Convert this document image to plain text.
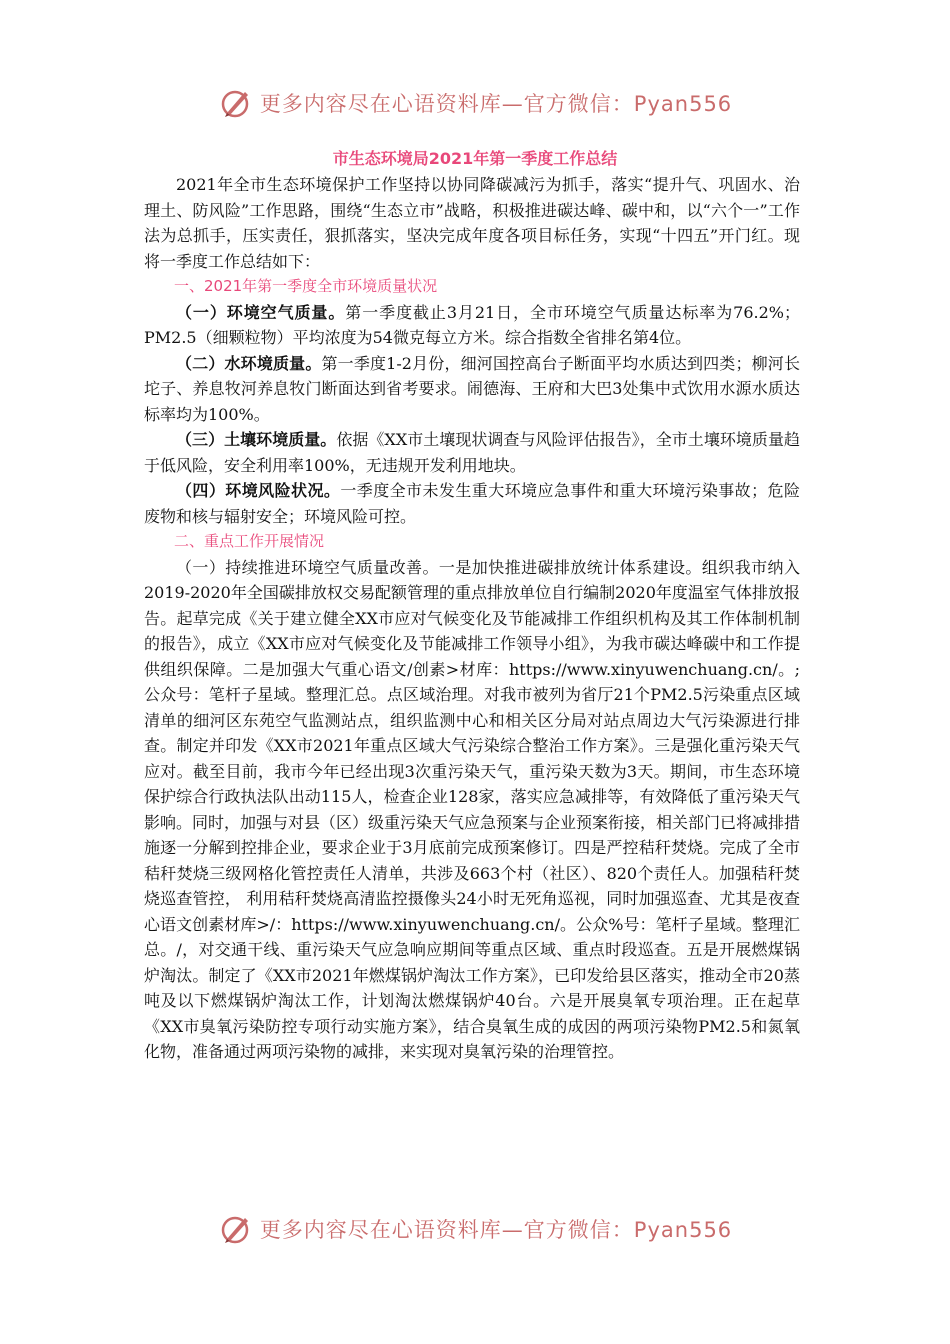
更多内容尽在心语资料库—官方微信：Pyan556
市生态环境局2021年第一季度工作总结

2021年全市生态环境保护工作坚持以协同降碳减污为抓手，落实“提升气、巩固水、治理土、防风险”工作思路，围绕“生态立市”战略，积极推进碳达峰、碳中和，以“六个一”工作法为总抓手，压实责任，狠抓落实，坚决完成年度各项目标任务，实现“十四五”开门红。现将一季度工作总结如下：

一、2021年第一季度全市环境质量状况

（一）环境空气质量。第一季度截止3月21日，全市环境空气质量达标率为76.2%；PM2.5（细颗粒物）平均浓度为54微克每立方米。综合指数全省排名第4位。

（二）水环境质量。第一季度1-2月份，细河国控高台子断面平均水质达到四类；柳河长坨子、养息牧河养息牧门断面达到省考要求。闹德海、王府和大巴3处集中式饮用水源水质达标率均为100%。

（三）土壤环境质量。依据《XX市土壤现状调查与风险评估报告》，全市土壤环境质量趋于低风险，安全利用率100%，无违规开发利用地块。

（四）环境风险状况。一季度全市未发生重大环境应急事件和重大环境污染事故；危险废物和核与辐射安全；环境风险可控。

二、重点工作开展情况

（一）持续推进环境空气质量改善。一是加快推进碳排放统计体系建设。组织我市纳入2019-2020年全国碳排放权交易配额管理的重点排放单位自行编制2020年度温室气体排放报告。起草完成《关于建立健全XX市应对气候变化及节能减排工作组织机构及其工作体制机制的报告》，成立《XX市应对气候变化及节能减排工作领导小组》，为我市碳达峰碳中和工作提供组织保障。二是加强大气重心语文/创素>材库：https://www.xinyuwenchuang.cn/。;公众号：笔杆子星域。整理汇总。点区域治理。对我市被列为省厅21个PM2.5污染重点区域清单的细河区东苑空气监测站点，组织监测中心和相关区分局对站点周边大气污染源进行排查。制定并印发《XX市2021年重点区域大气污染综合整治工作方案》。三是强化重污染天气应对。截至目前，我市今年已经出现3次重污染天气，重污染天数为3天。期间，市生态环境保护综合行政执法队出动115人，检查企业128家，落实应急减排等，有效降低了重污染天气影响。同时，加强与对县（区）级重污染天气应急预案与企业预案衔接，相关部门已将减排措施逐一分解到控排企业，要求企业于3月底前完成预案修订。四是严控秸秆焚烧。完成了全市秸秆焚烧三级网格化管控责任人清单，共涉及663个村（社区）、820个责任人。加强秸秆焚烧巡查管控， 利用秸秆焚烧高清监控摄像头24小时无死角巡视，同时加强巡查、尤其是夜查心语文创素材库>/：https://www.xinyuwenchuang.cn/。公众%号：笔杆子星域。整理汇总。/，对交通干线、重污染天气应急响应期间等重点区域、重点时段巡查。五是开展燃煤锅炉淘汰。制定了《XX市2021年燃煤锅炉淘汰工作方案》，已印发给县区落实，推动全市20蒸吨及以下燃煤锅炉淘汰工作，计划淘汰燃煤锅炉40台。六是开展臭氧专项治理。正在起草《XX市臭氧污染防控专项行动实施方案》，结合臭氧生成的成因的两项污染物PM2.5和氮氧化物，准备通过两项污染物的减排，来实现对臭氧污染的治理管控。

更多内容尽在心语资料库—官方微信：Pyan556
